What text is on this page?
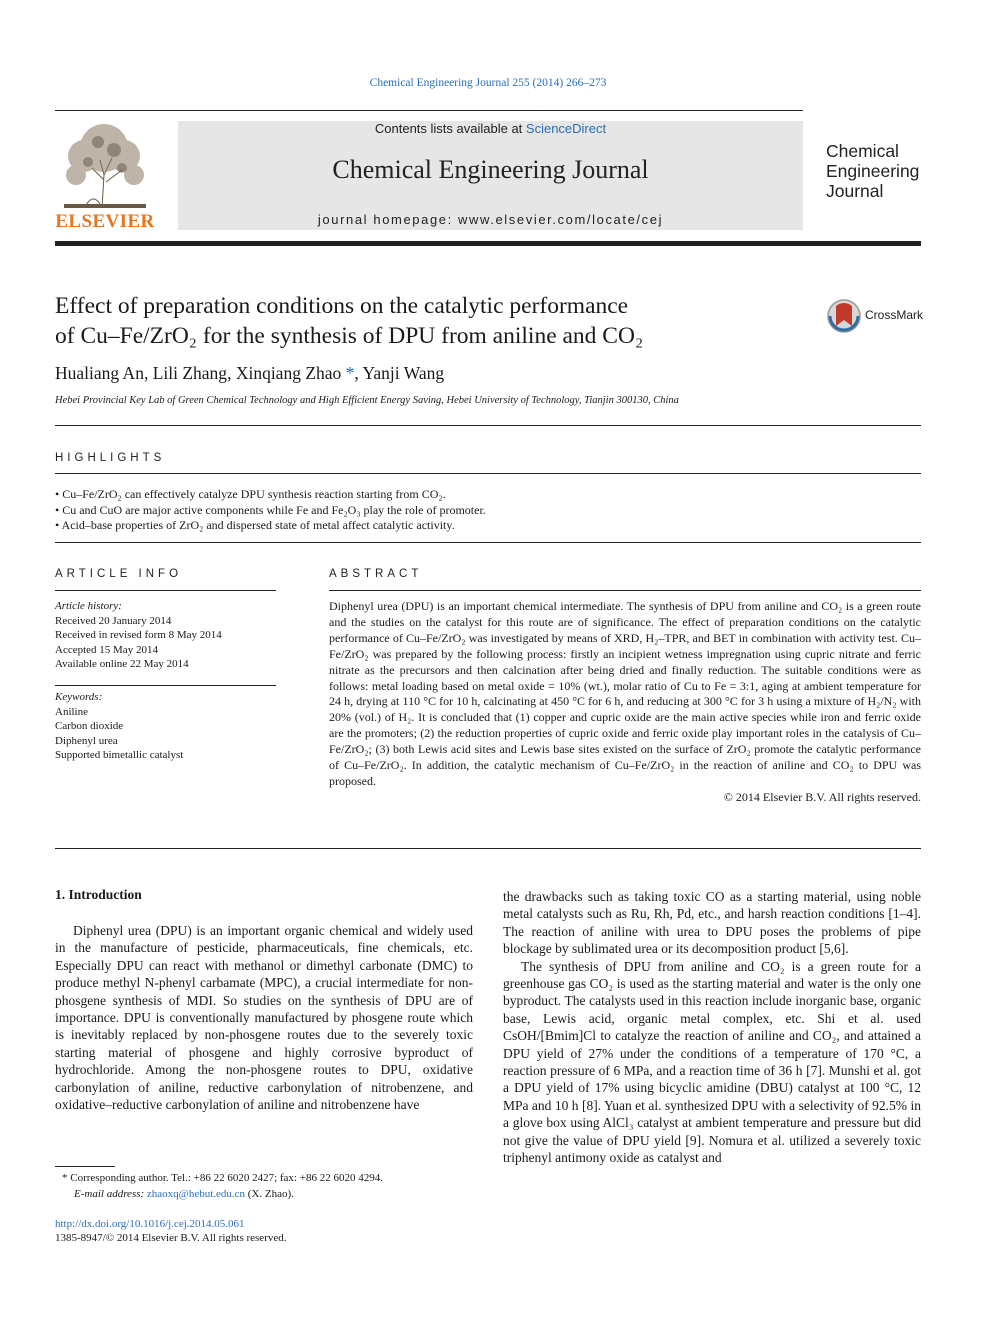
Chemical Engineering Journal 255 (2014) 266–273
ELSEVIER
Contents lists available at ScienceDirect
Chemical Engineering Journal
journal homepage: www.elsevier.com/locate/cej
Chemical
Engineering
Journal
Effect of preparation conditions on the catalytic performance
of Cu–Fe/ZrO₂ for the synthesis of DPU from aniline and CO₂
CrossMark
Hualiang An, Lili Zhang, Xinqiang Zhao *, Yanji Wang
Hebei Provincial Key Lab of Green Chemical Technology and High Efficient Energy Saving, Hebei University of Technology, Tianjin 300130, China
HIGHLIGHTS
• Cu–Fe/ZrO₂ can effectively catalyze DPU synthesis reaction starting from CO₂.
• Cu and CuO are major active components while Fe and Fe₂O₃ play the role of promoter.
• Acid–base properties of ZrO₂ and dispersed state of metal affect catalytic activity.
ARTICLE INFO
Article history:
Received 20 January 2014
Received in revised form 8 May 2014
Accepted 15 May 2014
Available online 22 May 2014
Keywords:
Aniline
Carbon dioxide
Diphenyl urea
Supported bimetallic catalyst
ABSTRACT
Diphenyl urea (DPU) is an important chemical intermediate. The synthesis of DPU from aniline and CO₂ is a green route and the studies on the catalyst for this route are of significance. The effect of preparation conditions on the catalytic performance of Cu–Fe/ZrO₂ was investigated by means of XRD, H₂–TPR, and BET in combination with activity test. Cu–Fe/ZrO₂ was prepared by the following process: firstly an incipient wetness impregnation using cupric nitrate and ferric nitrate as the precursors and then calcination after being dried and finally reduction. The suitable conditions were as follows: metal loading based on metal oxide = 10% (wt.), molar ratio of Cu to Fe = 3:1, aging at ambient temperature for 24 h, drying at 110 °C for 10 h, calcinating at 450 °C for 6 h, and reducing at 300 °C for 3 h using a mixture of H₂/N₂ with 20% (vol.) of H₂. It is concluded that (1) copper and cupric oxide are the main active species while iron and ferric oxide are the promoters; (2) the reduction properties of cupric oxide and ferric oxide play important roles in the catalysis of Cu–Fe/ZrO₂; (3) both Lewis acid sites and Lewis base sites existed on the surface of ZrO₂ promote the catalytic performance of Cu–Fe/ZrO₂. In addition, the catalytic mechanism of Cu–Fe/ZrO₂ in the reaction of aniline and CO₂ to DPU was proposed.
© 2014 Elsevier B.V. All rights reserved.
1. Introduction

Diphenyl urea (DPU) is an important organic chemical and widely used in the manufacture of pesticide, pharmaceuticals, fine chemicals, etc. Especially DPU can react with methanol or dimethyl carbonate (DMC) to produce methyl N-phenyl carbamate (MPC), a crucial intermediate for non-phosgene synthesis of MDI. So studies on the synthesis of DPU are of importance. DPU is conventionally manufactured by phosgene route which is inevitably replaced by non-phosgene routes due to the severely toxic starting material of phosgene and highly corrosive byproduct of hydrochloride. Among the non-phosgene routes to DPU, oxidative carbonylation of aniline, reductive carbonylation of nitrobenzene, and oxidative–reductive carbonylation of aniline and nitrobenzene have

the drawbacks such as taking toxic CO as a starting material, using noble metal catalysts such as Ru, Rh, Pd, etc., and harsh reaction conditions [1–4]. The reaction of aniline with urea to DPU poses the problems of pipe blockage by sublimated urea or its decomposition product [5,6].

The synthesis of DPU from aniline and CO₂ is a green route for a greenhouse gas CO₂ is used as the starting material and water is the only one byproduct. The catalysts used in this reaction include inorganic base, organic base, Lewis acid, organic metal complex, etc. Shi et al. used CsOH/[Bmim]Cl to catalyze the reaction of aniline and CO₂, and attained a DPU yield of 27% under the conditions of a temperature of 170 °C, a reaction pressure of 6 MPa, and a reaction time of 36 h [7]. Munshi et al. got a DPU yield of 17% using bicyclic amidine (DBU) catalyst at 100 °C, 12 MPa and 10 h [8]. Yuan et al. synthesized DPU with a selectivity of 92.5% in a glove box using AlCl₃ catalyst at ambient temperature and pressure but did not give the value of DPU yield [9]. Nomura et al. utilized a severely toxic triphenyl antimony oxide as catalyst and

* Corresponding author. Tel.: +86 22 6020 2427; fax: +86 22 6020 4294.
E-mail address: zhaoxq@hebut.edu.cn (X. Zhao).
http://dx.doi.org/10.1016/j.cej.2014.05.061
1385-8947/© 2014 Elsevier B.V. All rights reserved.
